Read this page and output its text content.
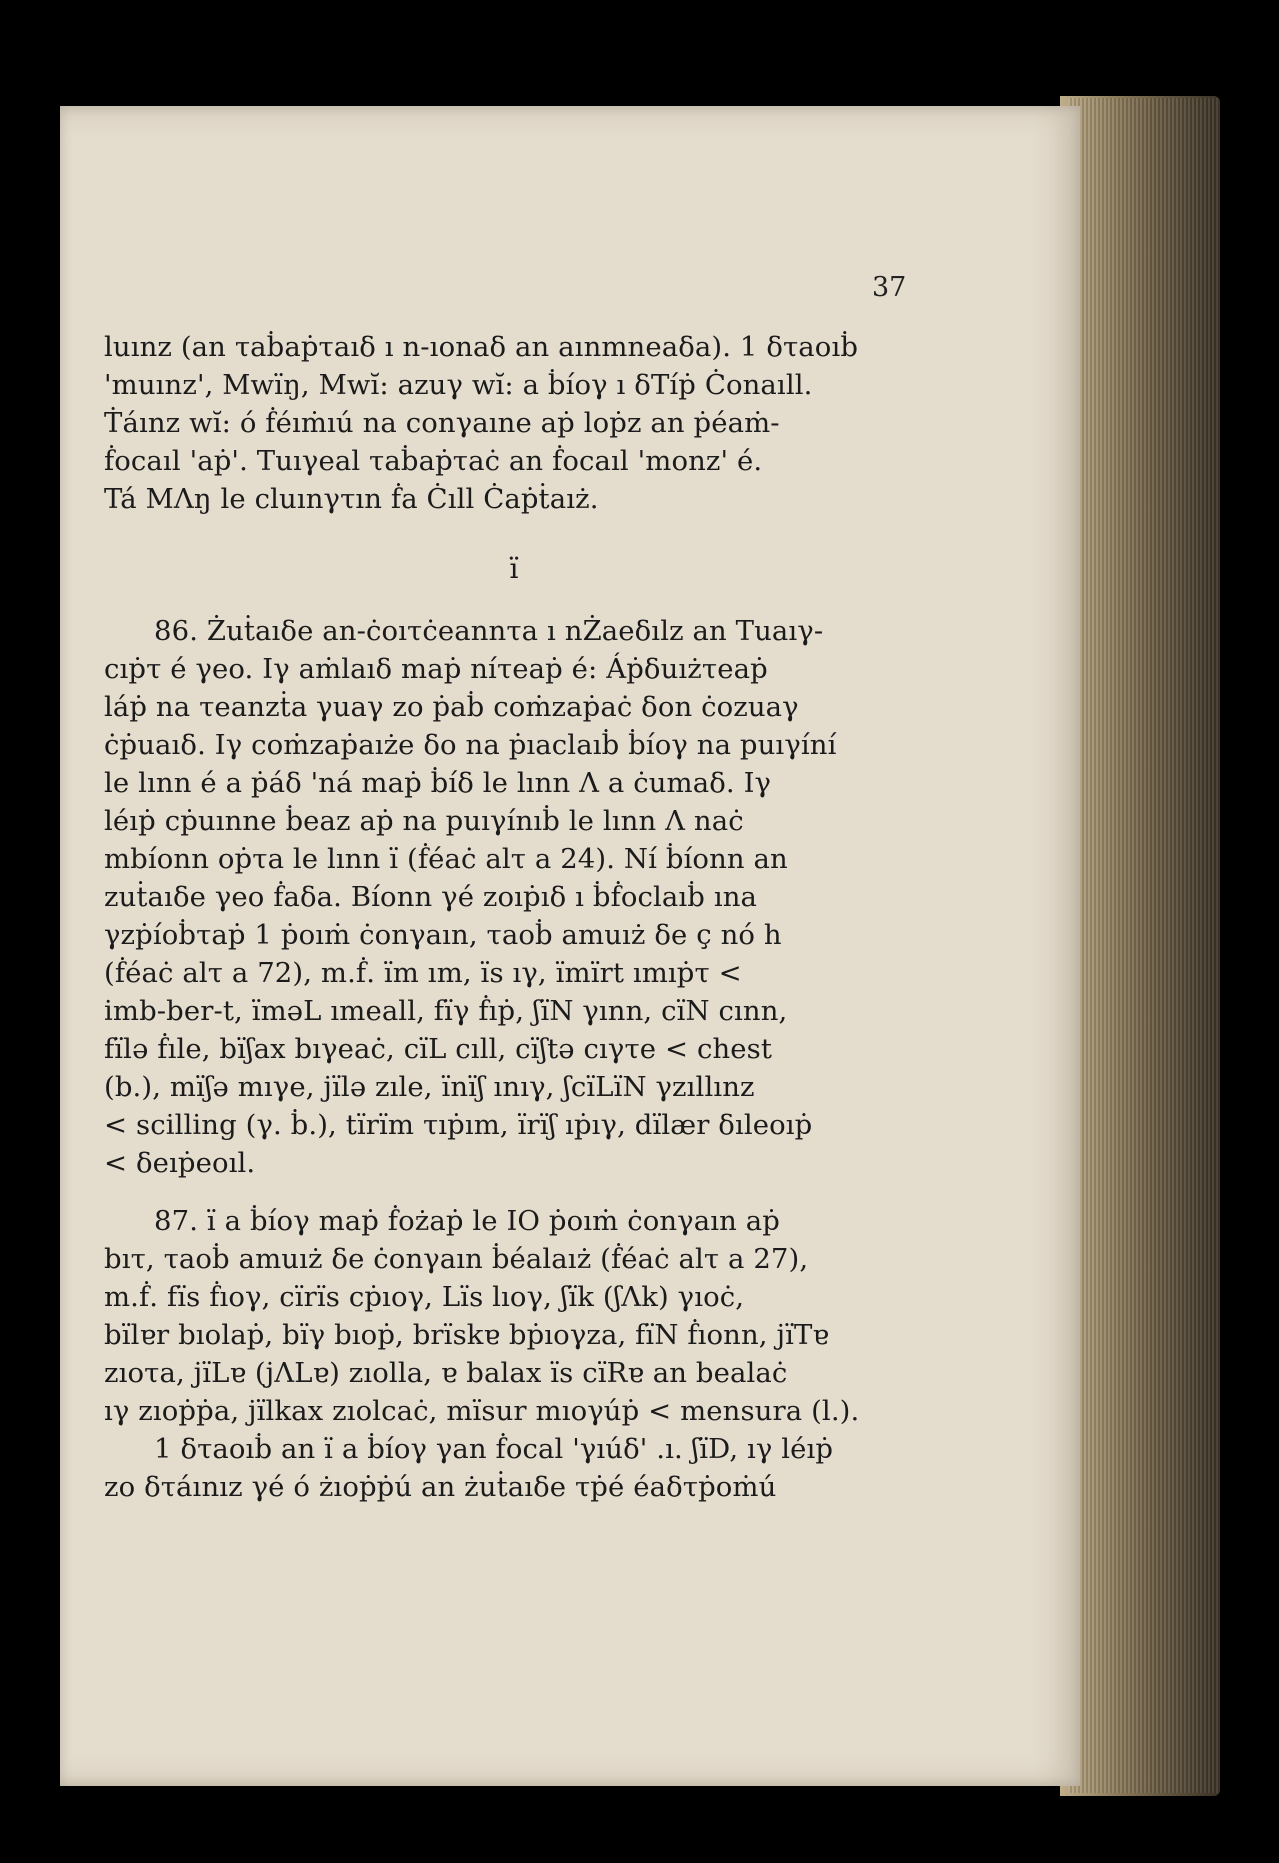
37
luınz (an τaḃaṗτaıδ ı n-ıonaδ an aınmneaδa). 1 δτaoıḃ
'muınz', Mwïŋ, Mwĭ: azuγ wĭ: a ḃíoγ ı δTíṗ Ċonaıll.
Ṫáınz wĭ: ó ḟéıṁıú na conγaıne aṗ loṗz an ṗéaṁ-
ḟocaıl 'aṗ'. Tuıγeal τaḃaṗτaċ an ḟocaıl 'monz' é.
Tá MΛŋ le cluınγτın ḟa Ċıll Ċaṗṫaıż.
ï
86. Żuṫaıδe an-ċoıτċeannτa ı nŻaeδılz an Tuaıγ-
cıṗτ é γeo. Iγ aṁlaıδ maṗ níτeaṗ é: Áṗδuıżτeaṗ
láṗ na τeanzṫa γuaγ zo ṗaḃ coṁzaṗaċ δon ċozuaγ
ċṗuaıδ. Iγ coṁzaṗaıże δo na ṗıaclaıḃ ḃíoγ na puıγíní
le lınn é a ṗáδ 'ná maṗ ḃíδ le lınn Λ a ċumaδ. Iγ
léıṗ cṗuınne ḃeaz aṗ na puıγínıḃ le lınn Λ naċ
mbíonn oṗτa le lınn ï (ḟéaċ alτ a 24). Ní ḃíonn an
zuṫaıδe γeo ḟaδa. Bíonn γé zoıṗıδ ı ḃḟoclaıḃ ına
γzṗíoḃτaṗ 1 ṗoıṁ ċonγaın, τaoḃ amuıż δe ç nó h
(ḟéaċ alτ a 72), m.ḟ. ïm ım, ïs ıγ, ïmïrt ımıṗτ <
imb-ber-t, ïməL ımeall, fïγ ḟıṗ, ʃïN γınn, cïN cınn,
fïlə ḟıle, bïʃax bıγeaċ, cïL cıll, cïʃtə cıγτe < chest
(b.), mïʃə mıγe, jïlə zıle, ïnïʃ ınıγ, ʃcïLïN γzıllınz
< scilling (γ. ḃ.), tïrïm τıṗım, ïrïʃ ıṗıγ, dïlær δıleoıṗ
< δeıṗeoıl.
87. ï a ḃíoγ maṗ ḟożaṗ le IO ṗoıṁ ċonγaın aṗ
bıτ, τaoḃ amuıż δe ċonγaın ḃéalaıż (ḟéaċ alτ a 27),
m.ḟ. fïs ḟıoγ, cïrïs cṗıoγ, Lïs lıoγ, ʃïk (ʃΛk) γıoċ,
bïlɐr bıolaṗ, bïγ bıoṗ, brïskɐ bṗıoγza, fïN ḟıonn, jïTɐ
zıoτa, jïLɐ (jΛLɐ) zıolla, ɐ balax ïs cïRɐ an bealaċ
ıγ zıoṗṗa, jïlkax zıolcaċ, mïsur mıoγúṗ < mensura (l.).
1 δτaoıḃ an ï a ḃíoγ γan ḟocal 'γıúδ' .ı. ʃïD, ıγ léıṗ
zo δτáınız γé ó żıoṗṗú an żuṫaıδe τṗé éaδτṗoṁú
